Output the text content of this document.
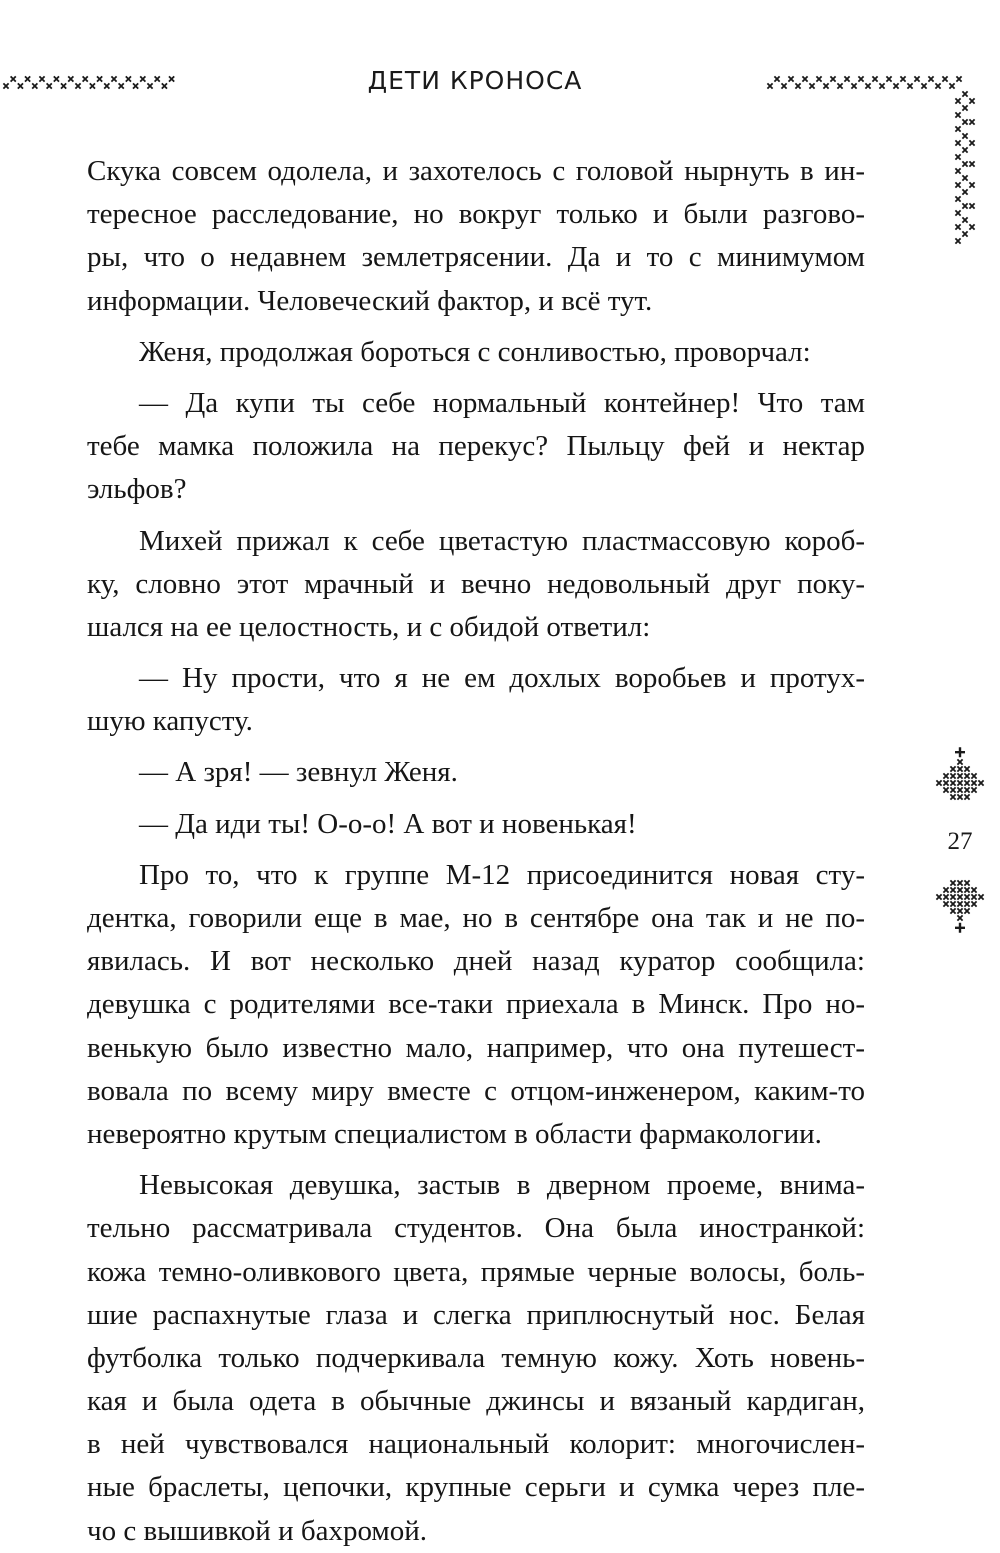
ДЕТИ КРОНОСА
27
Скука совсем одолела, и захотелось с головой нырнуть в ин-
тересное расследование, но вокруг только и были разгово-
ры, что о недавнем землетрясении. Да и то с минимумом
информации. Человеческий фактор, и всё тут.
Женя, продолжая бороться с сонливостью, проворчал:
— Да купи ты себе нормальный контейнер! Что там
тебе мамка положила на перекус? Пыльцу фей и нектар
эльфов?
Михей прижал к себе цветастую пластмассовую короб-
ку, словно этот мрачный и вечно недовольный друг поку-
шался на ее целостность, и с обидой ответил:
— Ну прости, что я не ем дохлых воробьев и протух-
шую капусту.
— А зря! — зевнул Женя.
— Да иди ты! О-о-о! А вот и новенькая!
Про то, что к группе М-12 присоединится новая сту-
дентка, говорили еще в мае, но в сентябре она так и не по-
явилась. И вот несколько дней назад куратор сообщила:
девушка с родителями все-таки приехала в Минск. Про но-
венькую было известно мало, например, что она путешест-
вовала по всему миру вместе с отцом-инженером, каким-то
невероятно крутым специалистом в области фармакологии.
Невысокая девушка, застыв в дверном проеме, внима-
тельно рассматривала студентов. Она была иностранкой:
кожа темно-оливкового цвета, прямые черные волосы, боль-
шие распахнутые глаза и слегка приплюснутый нос. Белая
футболка только подчеркивала темную кожу. Хоть новень-
кая и была одета в обычные джинсы и вязаный кардиган,
в ней чувствовался национальный колорит: многочислен-
ные браслеты, цепочки, крупные серьги и сумка через пле-
чо с вышивкой и бахромой.
